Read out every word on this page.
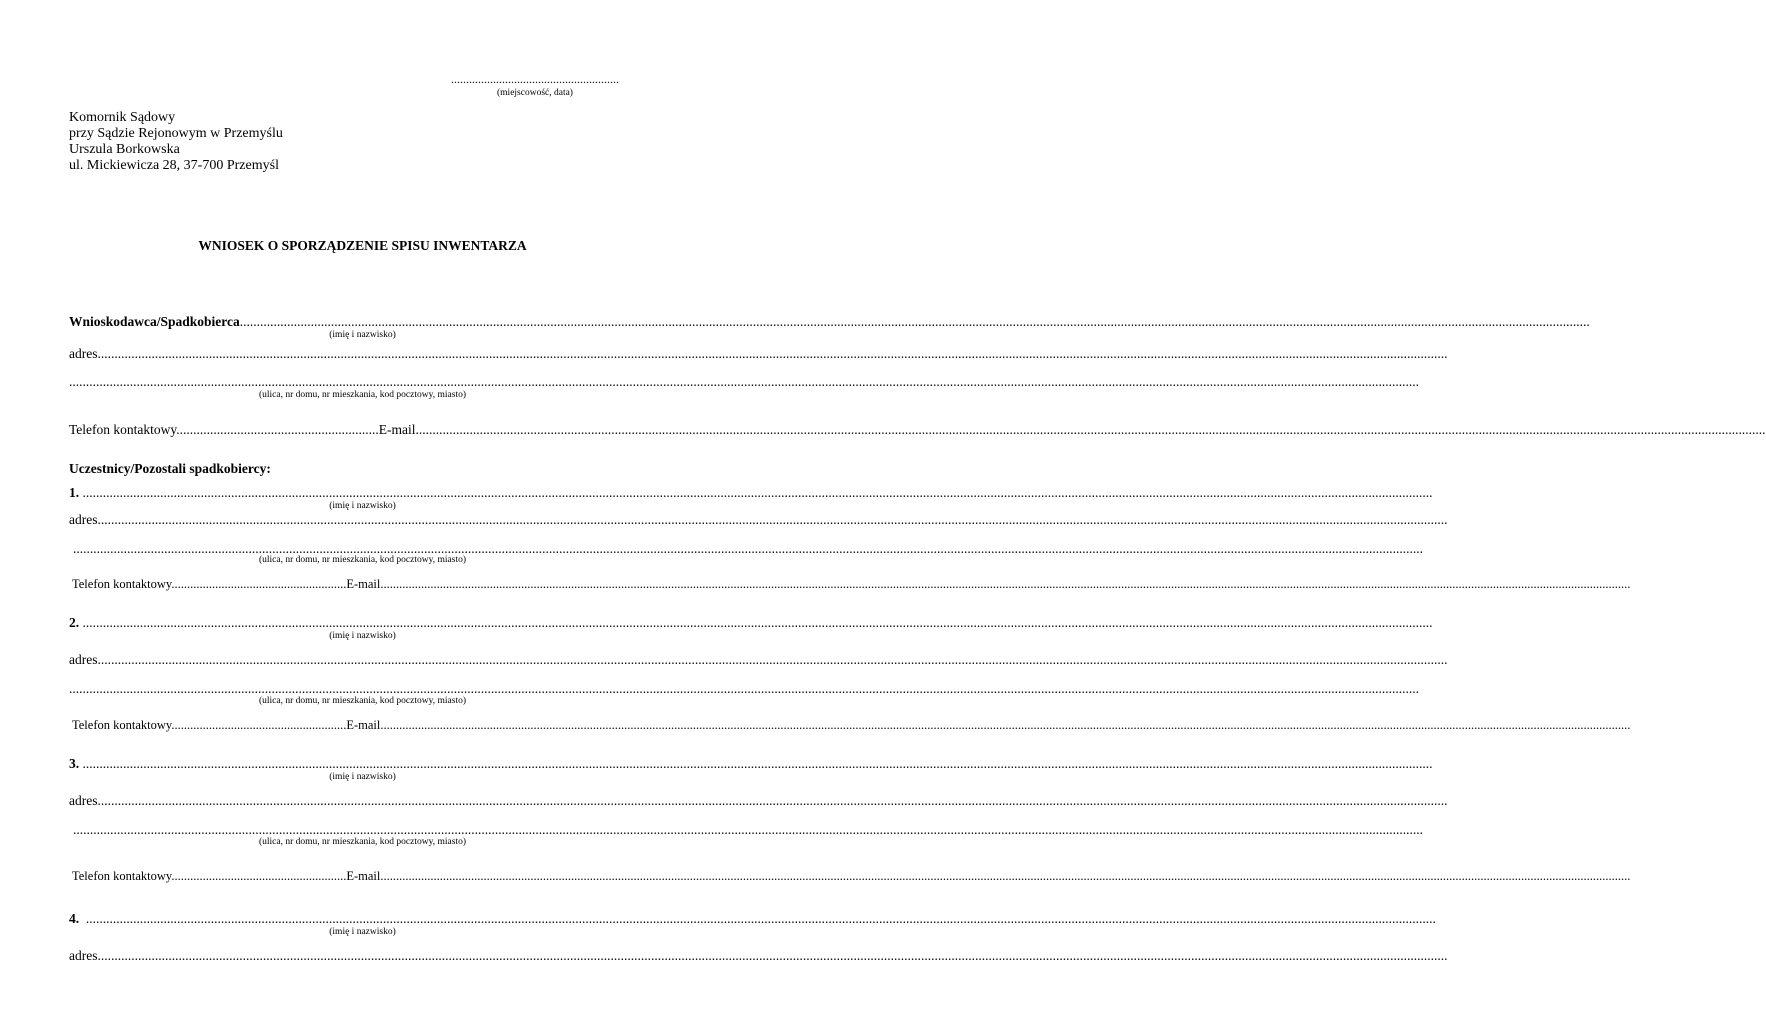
........................................................
(miejscowość, data)
Komornik Sądowy
przy Sądzie Rejonowym w Przemyślu
Urszula Borkowska
ul. Mickiewicza 28, 37-700 Przemyśl
WNIOSEK O SPORZĄDZENIE SPISU INWENTARZA
Wnioskodawca/Spadkobierca................................................................................................................................................................................................................................................................................................................................................................................................................
(imię i nazwisko)
adres................................................................................................................................................................................................................................................................................................................................................................................................................
................................................................................................................................................................................................................................................................................................................................................................................................................
(ulica, nr domu, nr mieszkania, kod pocztowy, miasto)
Telefon kontaktowy............................................................E-mail................................................................................................................................................................................................................................................................................................................................................................................................................
Uczestnicy/Pozostali spadkobiercy:
1. ................................................................................................................................................................................................................................................................................................................................................................................................................
(imię i nazwisko)
adres................................................................................................................................................................................................................................................................................................................................................................................................................
................................................................................................................................................................................................................................................................................................................................................................................................................
(ulica, nr domu, nr mieszkania, kod pocztowy, miasto)
Telefon kontaktowy........................................................E-mail................................................................................................................................................................................................................................................................................................................................................................................................................
2. ................................................................................................................................................................................................................................................................................................................................................................................................................
(imię i nazwisko)
adres................................................................................................................................................................................................................................................................................................................................................................................................................
................................................................................................................................................................................................................................................................................................................................................................................................................
(ulica, nr domu, nr mieszkania, kod pocztowy, miasto)
Telefon kontaktowy........................................................E-mail................................................................................................................................................................................................................................................................................................................................................................................................................
3. ................................................................................................................................................................................................................................................................................................................................................................................................................
(imię i nazwisko)
adres................................................................................................................................................................................................................................................................................................................................................................................................................
................................................................................................................................................................................................................................................................................................................................................................................................................
(ulica, nr domu, nr mieszkania, kod pocztowy, miasto)
Telefon kontaktowy........................................................E-mail................................................................................................................................................................................................................................................................................................................................................................................................................
4. ................................................................................................................................................................................................................................................................................................................................................................................................................
(imię i nazwisko)
adres................................................................................................................................................................................................................................................................................................................................................................................................................
